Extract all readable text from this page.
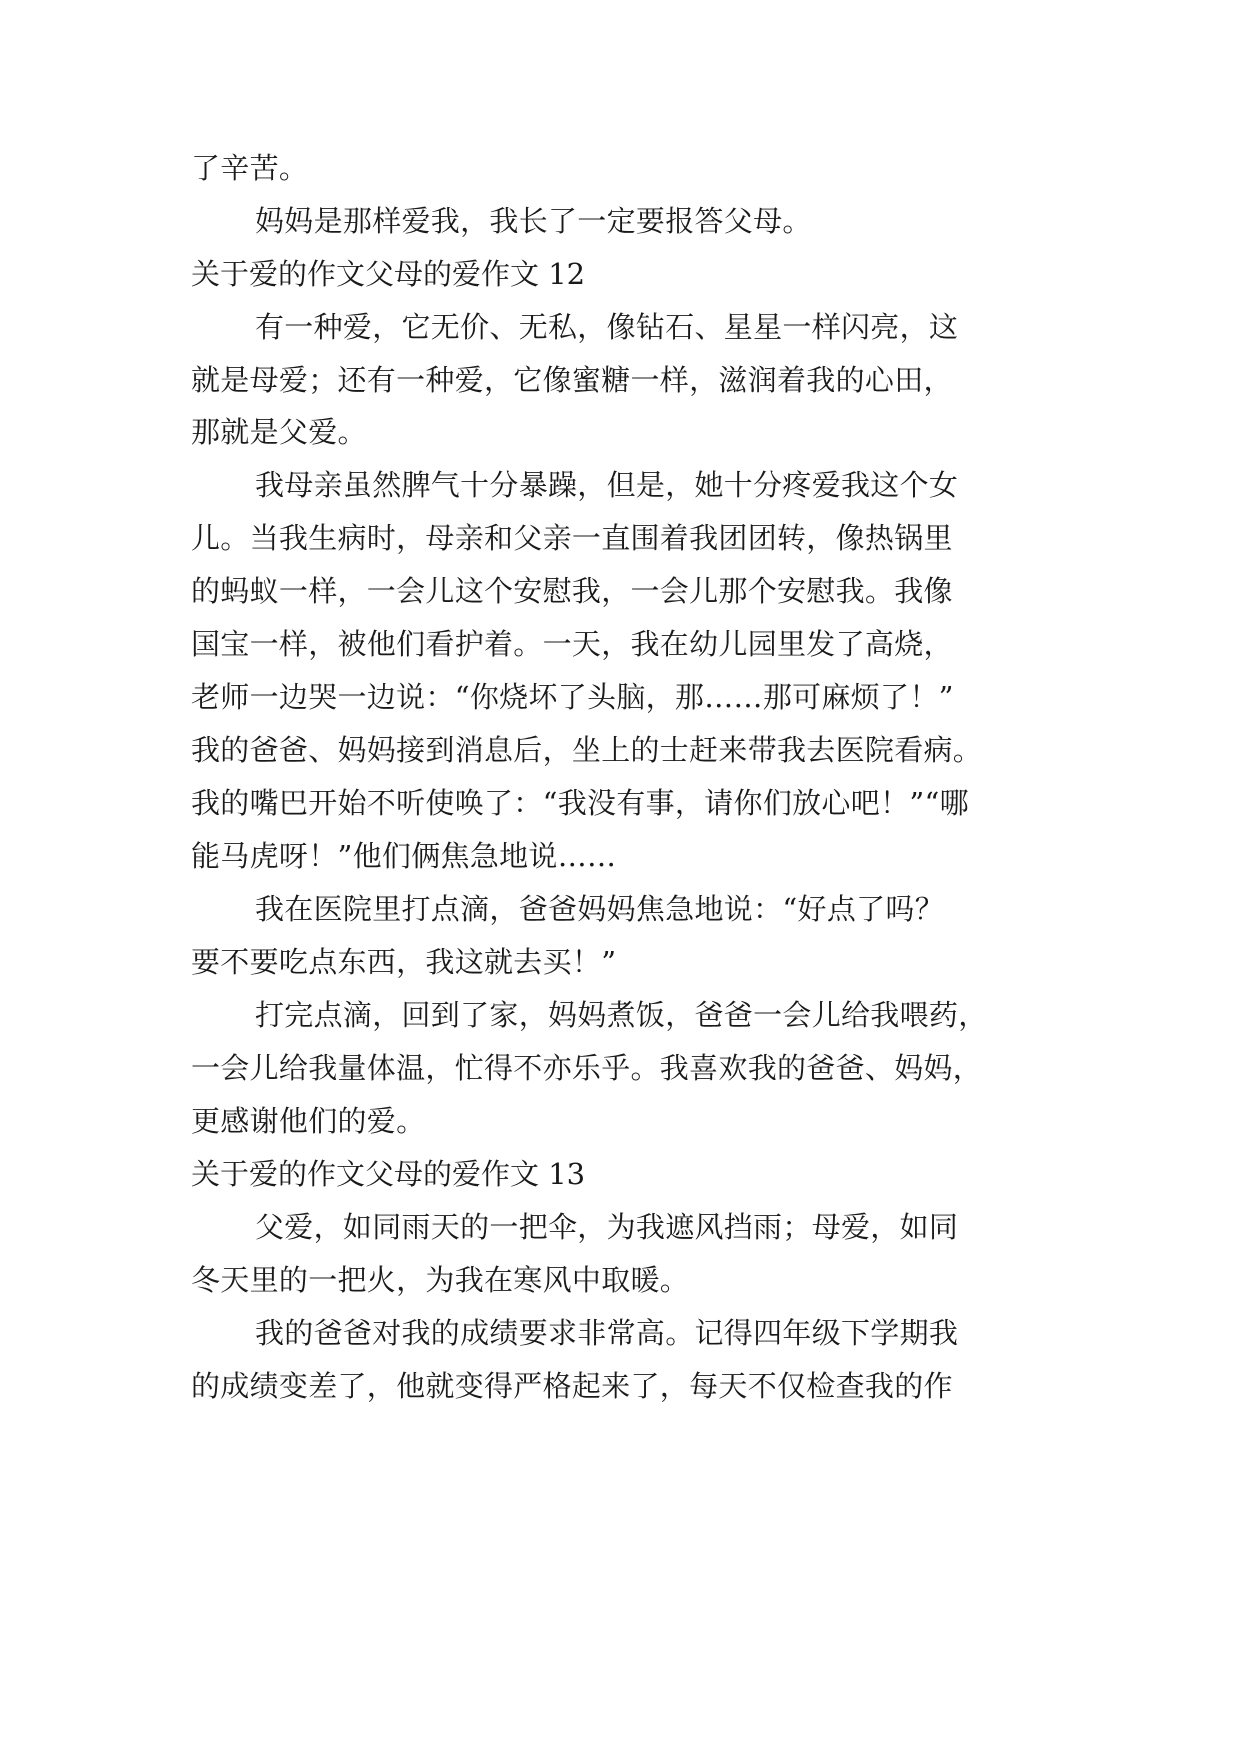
了辛苦。
妈妈是那样爱我，我长了一定要报答父母。
关于爱的作文父母的爱作文 12
有一种爱，它无价、无私，像钻石、星星一样闪亮，这
就是母爱；还有一种爱，它像蜜糖一样，滋润着我的心田，
那就是父爱。
我母亲虽然脾气十分暴躁，但是，她十分疼爱我这个女
儿。当我生病时，母亲和父亲一直围着我团团转，像热锅里
的蚂蚁一样，一会儿这个安慰我，一会儿那个安慰我。我像
国宝一样，被他们看护着。一天，我在幼儿园里发了高烧，
老师一边哭一边说：“你烧坏了头脑，那……那可麻烦了！”
我的爸爸、妈妈接到消息后，坐上的士赶来带我去医院看病。
我的嘴巴开始不听使唤了：“我没有事，请你们放心吧！”“哪
能马虎呀！”他们俩焦急地说……
我在医院里打点滴，爸爸妈妈焦急地说：“好点了吗？
要不要吃点东西，我这就去买！”
打完点滴，回到了家，妈妈煮饭，爸爸一会儿给我喂药，
一会儿给我量体温，忙得不亦乐乎。我喜欢我的爸爸、妈妈，
更感谢他们的爱。
关于爱的作文父母的爱作文 13
父爱，如同雨天的一把伞，为我遮风挡雨；母爱，如同
冬天里的一把火，为我在寒风中取暖。
我的爸爸对我的成绩要求非常高。记得四年级下学期我
的成绩变差了，他就变得严格起来了，每天不仅检查我的作
